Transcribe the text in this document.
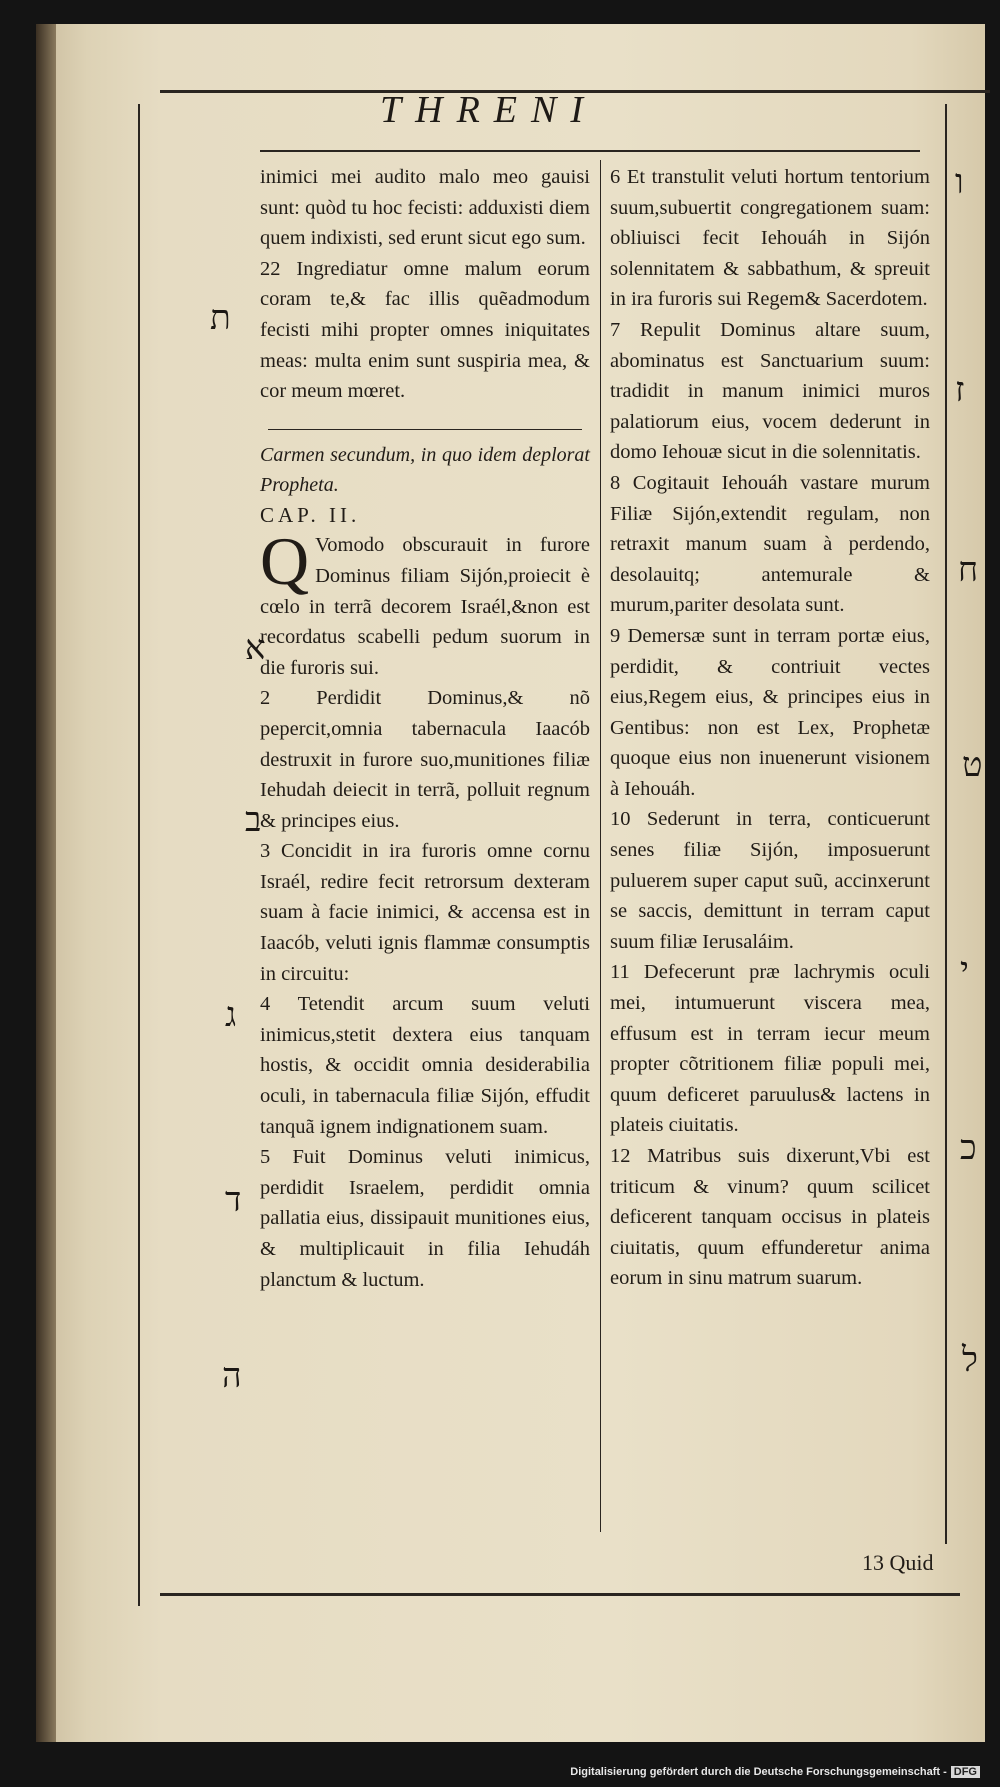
THRENI

inimici mei audito malo meo gauisi sunt: quòd tu hoc fecisti: adduxisti diem quem indixisti, sed erunt sicut ego sum.

22 Ingrediatur omne malum eorum coram te,& fac illis quẽadmodum fecisti mihi propter omnes iniquitates meas: multa enim sunt suspiria mea, & cor meum mœret.

Carmen secundum, in quo idem deplorat Propheta.

CAP. II.

Q Vomodo obscurauit in furore Dominus filiam Sijón,proiecit è cœlo in terrã decorem Israél,&non est recordatus scabelli pedum suorum in die furoris sui.

2 Perdidit Dominus,& nõ pepercit,omnia tabernacula Iaacób destruxit in furore suo,munitiones filiæ Iehudah deiecit in terrã, polluit regnum & principes eius.

3 Concidit in ira furoris omne cornu Israél, redire fecit retrorsum dexteram suam à facie inimici, & accensa est in Iaacób, veluti ignis flammæ consumptis in circuitu:

4 Tetendit arcum suum veluti inimicus,stetit dextera eius tanquam hostis, & occidit omnia desiderabilia oculi, in tabernacula filiæ Sijón, effudit tanquã ignem indignationem suam.

5 Fuit Dominus veluti inimicus, perdidit Israelem, perdidit omnia pallatia eius, dissipauit munitiones eius, & multiplicauit in filia Iehudáh planctum & luctum.

6 Et transtulit veluti hortum tentorium suum,subuertit congregationem suam: obliuisci fecit Iehouáh in Sijón solennitatem & sabbathum, & spreuit in ira furoris sui Regem& Sacerdotem.

7 Repulit Dominus altare suum, abominatus est Sanctuarium suum: tradidit in manum inimici muros palatiorum eius, vocem dederunt in domo Iehouæ sicut in die solennitatis.

8 Cogitauit Iehouáh vastare murum Filiæ Sijón,extendit regulam, non retraxit manum suam à perdendo, desolauitq; antemurale & murum,pariter desolata sunt.

9 Demersæ sunt in terram portæ eius, perdidit, & contriuit vectes eius,Regem eius, & principes eius in Gentibus: non est Lex, Prophetæ quoque eius non inuenerunt visionem à Iehouáh.

10 Sederunt in terra, conticuerunt senes filiæ Sijón, imposuerunt puluerem super caput suũ, accinxerunt se saccis, demittunt in terram caput suum filiæ Ierusaláim.

11 Defecerunt præ lachrymis oculi mei, intumuerunt viscera mea, effusum est in terram iecur meum propter cõtritionem filiæ populi mei, quum deficeret paruulus& lactens in plateis ciuitatis.

12 Matribus suis dixerunt,Vbi est triticum & vinum? quum scilicet deficerent tanquam occisus in plateis ciuitatis, quum effunderetur anima eorum in sinu matrum suarum.

ת
א
ב
ג
ד
ה
ו
ז
ח
ט
י
כ
ל
13 Quid
Digitalisierung gefördert durch die Deutsche Forschungsgemeinschaft - DFG
